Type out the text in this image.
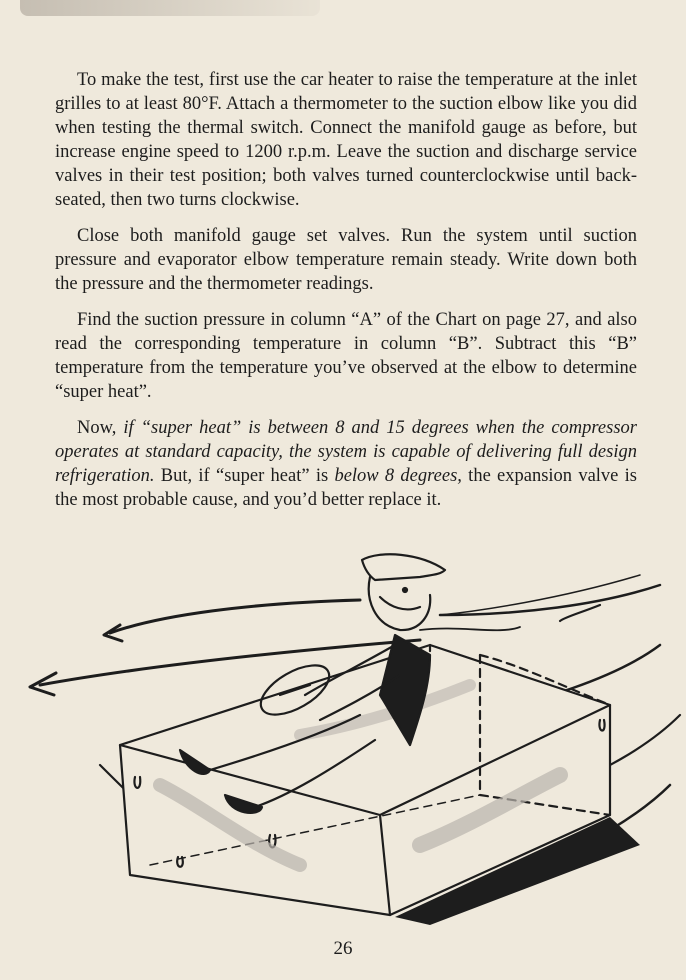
To make the test, first use the car heater to raise the temperature at the inlet grilles to at least 80°F. Attach a thermometer to the suction elbow like you did when testing the thermal switch. Connect the manifold gauge as before, but increase engine speed to 1200 r.p.m. Leave the suction and discharge service valves in their test position; both valves turned counterclockwise until back-seated, then two turns clockwise.

Close both manifold gauge set valves. Run the system until suction pressure and evaporator elbow temperature remain steady. Write down both the pressure and the thermometer readings.

Find the suction pressure in column “A” of the Chart on page 27, and also read the corresponding temperature in column “B”. Subtract this “B” temperature from the temperature you’ve observed at the elbow to determine “super heat”.

Now, if “super heat” is between 8 and 15 degrees when the compressor operates at standard capacity, the system is capable of delivering full design refrigeration. But, if “super heat” is below 8 degrees, the expansion valve is the most probable cause, and you’d better replace it.

26
